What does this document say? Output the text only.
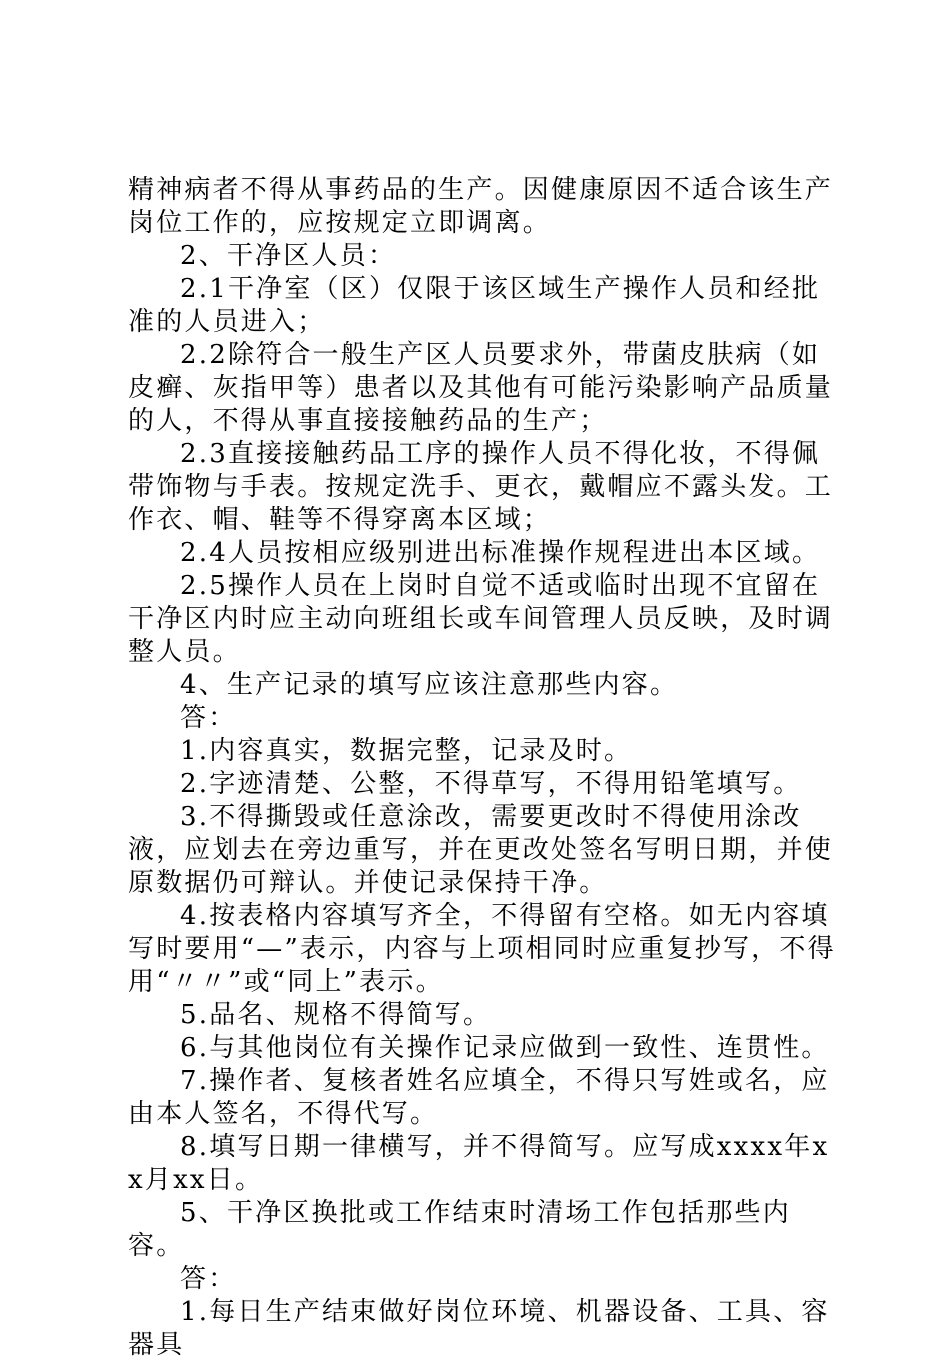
精神病者不得从事药品的生产。因健康原因不适合该生产岗位工作的，应按规定立即调离。

2、干净区人员：

2.1干净室（区）仅限于该区域生产操作人员和经批准的人员进入；

2.2除符合一般生产区人员要求外，带菌皮肤病（如皮癣、灰指甲等）患者以及其他有可能污染影响产品质量的人，不得从事直接接触药品的生产；

2.3直接接触药品工序的操作人员不得化妆，不得佩带饰物与手表。按规定洗手、更衣，戴帽应不露头发。工作衣、帽、鞋等不得穿离本区域；

2.4人员按相应级别进出标准操作规程进出本区域。

2.5操作人员在上岗时自觉不适或临时出现不宜留在干净区内时应主动向班组长或车间管理人员反映，及时调整人员。

4、生产记录的填写应该注意那些内容。

答：

1.内容真实，数据完整，记录及时。

2.字迹清楚、公整，不得草写，不得用铅笔填写。

3.不得撕毁或任意涂改，需要更改时不得使用涂改液，应划去在旁边重写，并在更改处签名写明日期，并使原数据仍可辩认。并使记录保持干净。

4.按表格内容填写齐全，不得留有空格。如无内容填写时要用“—”表示，内容与上项相同时应重复抄写，不得用“〃〃”或“同上”表示。

5.品名、规格不得简写。

6.与其他岗位有关操作记录应做到一致性、连贯性。

7.操作者、复核者姓名应填全，不得只写姓或名，应由本人签名，不得代写。

8.填写日期一律横写，并不得简写。应写成xxxx年xx月xx日。

5、干净区换批或工作结束时清场工作包括那些内容。

答：

1.每日生产结束做好岗位环境、机器设备、工具、容器具
